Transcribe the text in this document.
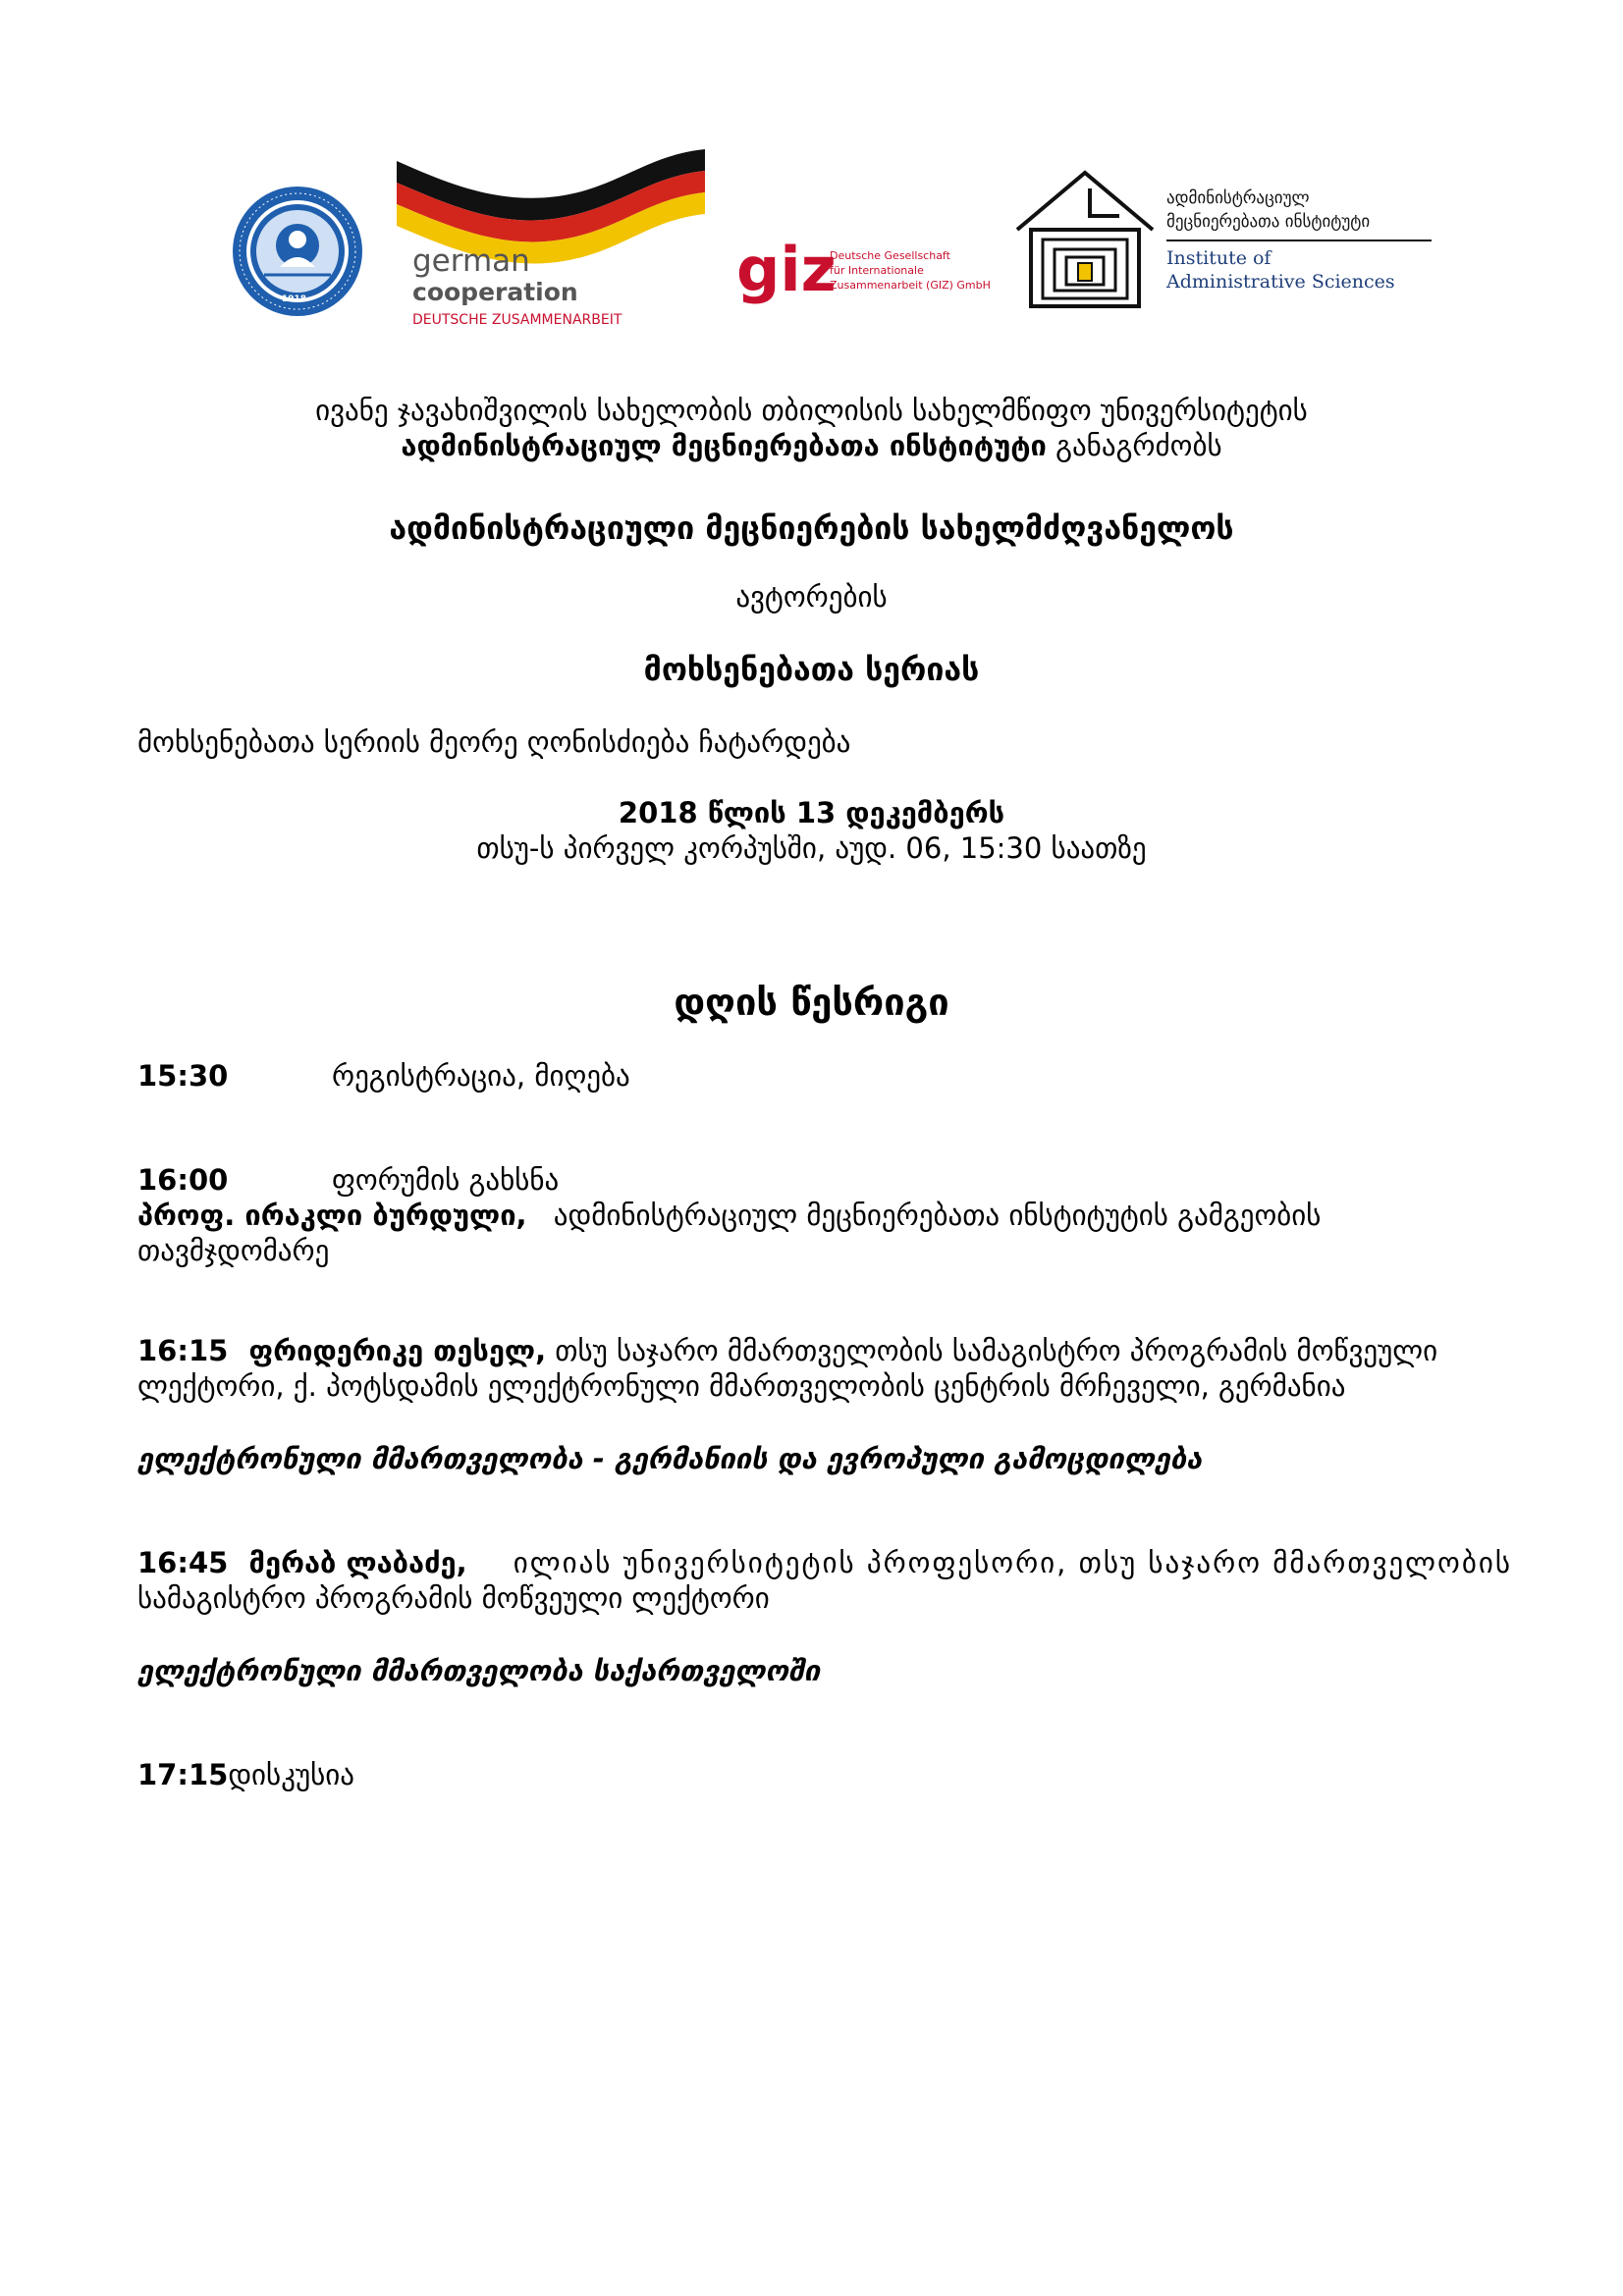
1918
german
cooperation
DEUTSCHE ZUSAMMENARBEIT
giz
Deutsche Gesellschaft
für Internationale
Zusammenarbeit (GIZ) GmbH
ადმინისტრაციულ
მეცნიერებათა ინსტიტუტი
Institute of
Administrative Sciences
ივანე ჯავახიშვილის სახელობის თბილისის სახელმწიფო უნივერსიტეტის
ადმინისტრაციულ მეცნიერებათა ინსტიტუტი განაგრძობს
ადმინისტრაციული მეცნიერების სახელმძღვანელოს
ავტორების
მოხსენებათა სერიას
მოხსენებათა სერიის მეორე ღონისძიება ჩატარდება
2018 წლის 13 დეკემბერს
თსუ-ს პირველ კორპუსში, აუდ. 06, 15:30 საათზე
დღის წესრიგი
15:30	რეგისტრაცია, მიღება
16:00	ფორუმის გახსნა
პროფ. ირაკლი ბურდული, ადმინისტრაციულ მეცნიერებათა ინსტიტუტის გამგეობის
თავმჯდომარე
16:15 ფრიდერიკე თესელ, თსუ საჯარო მმართველობის სამაგისტრო პროგრამის მოწვეული
ლექტორი, ქ. პოტსდამის ელექტრონული მმართველობის ცენტრის მრჩეველი, გერმანია
ელექტრონული მმართველობა - გერმანიის და ევროპული გამოცდილება
16:45 მერაბ ლაბაძე, ილიას უნივერსიტეტის პროფესორი, თსუ საჯარო მმართველობის
სამაგისტრო პროგრამის მოწვეული ლექტორი
ელექტრონული მმართველობა საქართველოში
17:15დისკუსია
